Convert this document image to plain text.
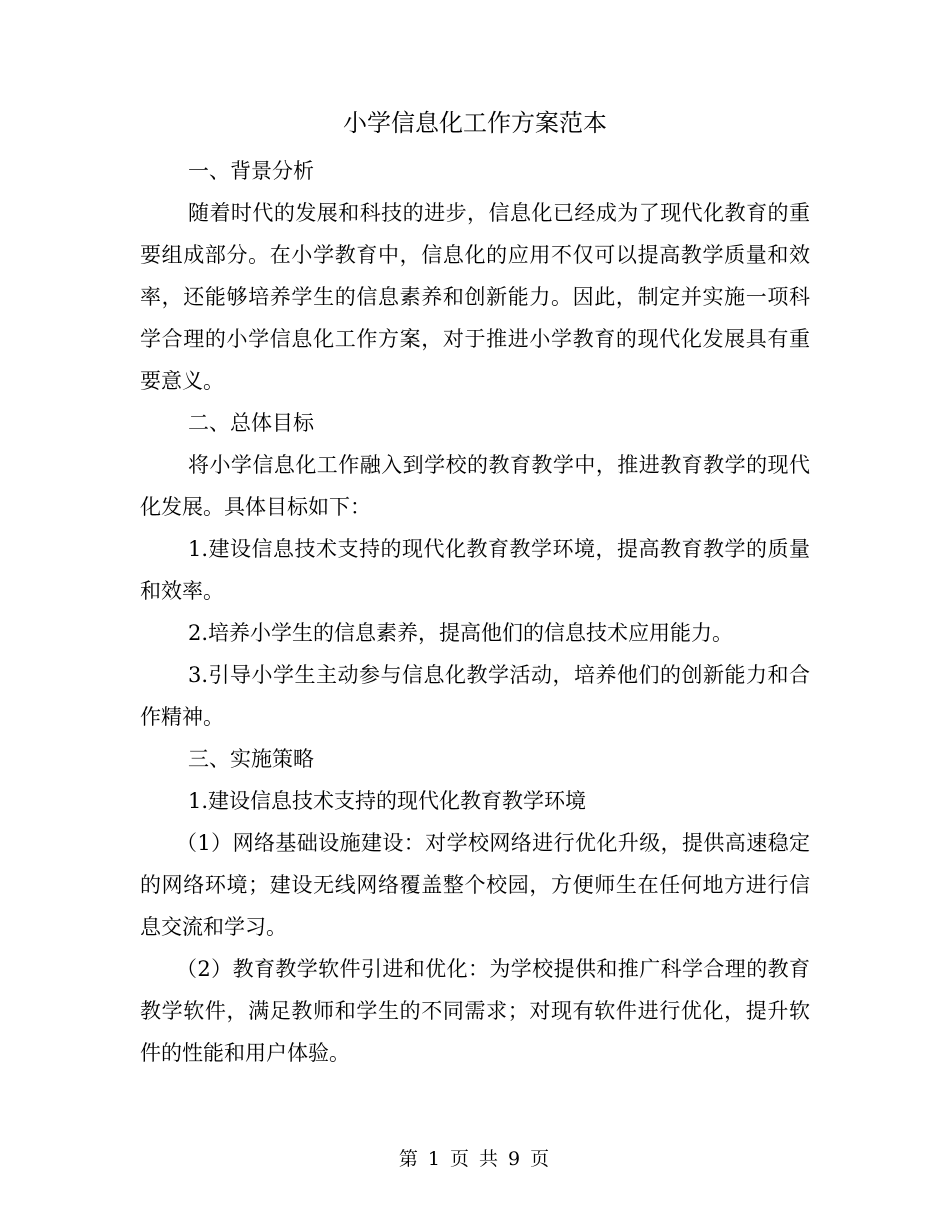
小学信息化工作方案范本

一、背景分析

随着时代的发展和科技的进步，信息化已经成为了现代化教育的重要组成部分。在小学教育中，信息化的应用不仅可以提高教学质量和效率，还能够培养学生的信息素养和创新能力。因此，制定并实施一项科学合理的小学信息化工作方案，对于推进小学教育的现代化发展具有重要意义。

二、总体目标

将小学信息化工作融入到学校的教育教学中，推进教育教学的现代化发展。具体目标如下：

1.建设信息技术支持的现代化教育教学环境，提高教育教学的质量和效率。

2.培养小学生的信息素养，提高他们的信息技术应用能力。

3.引导小学生主动参与信息化教学活动，培养他们的创新能力和合作精神。

三、实施策略

1.建设信息技术支持的现代化教育教学环境

（1）网络基础设施建设：对学校网络进行优化升级，提供高速稳定的网络环境；建设无线网络覆盖整个校园，方便师生在任何地方进行信息交流和学习。

（2）教育教学软件引进和优化：为学校提供和推广科学合理的教育教学软件，满足教师和学生的不同需求；对现有软件进行优化，提升软件的性能和用户体验。

第 1 页 共 9 页
